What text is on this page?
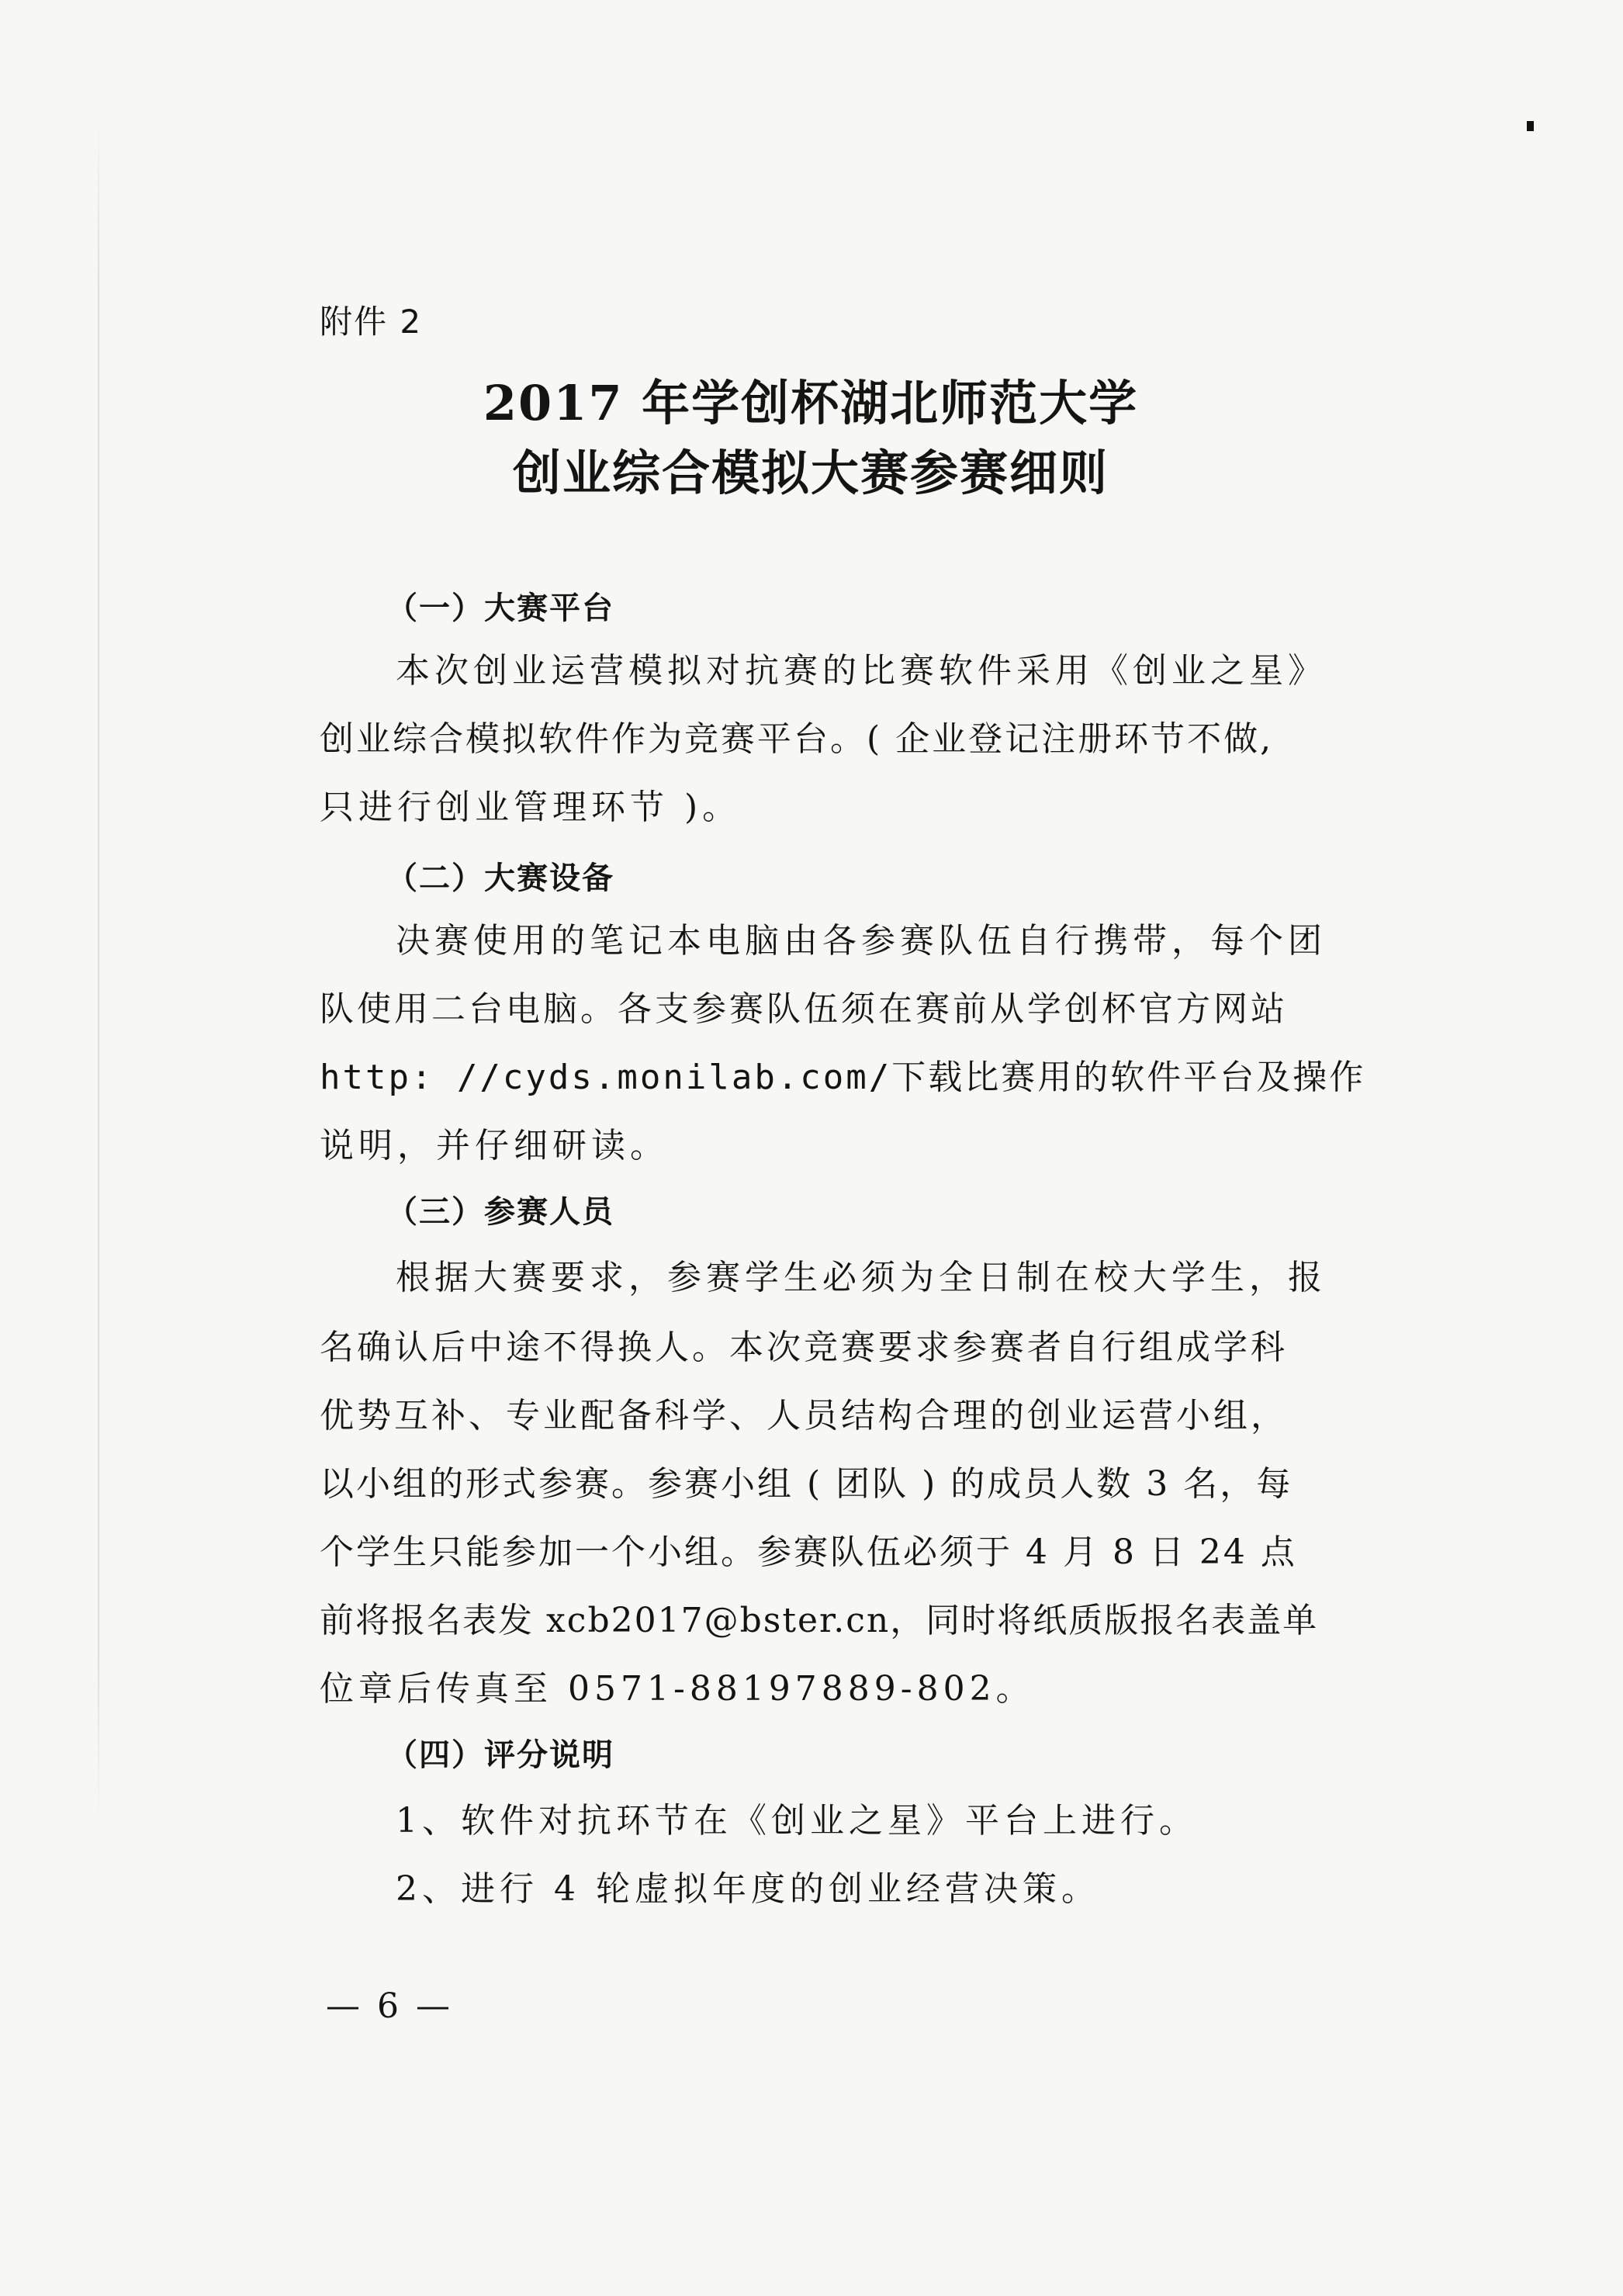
附件 2
2017 年学创杯湖北师范大学
创业综合模拟大赛参赛细则
（一）大赛平台
本次创业运营模拟对抗赛的比赛软件采用《创业之星》
创业综合模拟软件作为竞赛平台。( 企业登记注册环节不做,
只进行创业管理环节 )。
（二）大赛设备
决赛使用的笔记本电脑由各参赛队伍自行携带，每个团
队使用二台电脑。各支参赛队伍须在赛前从学创杯官方网站
http: //cyds.monilab.com/下载比赛用的软件平台及操作
说明，并仔细研读。
（三）参赛人员
根据大赛要求，参赛学生必须为全日制在校大学生，报
名确认后中途不得换人。本次竞赛要求参赛者自行组成学科
优势互补、专业配备科学、人员结构合理的创业运营小组，
以小组的形式参赛。参赛小组 ( 团队 ) 的成员人数 3 名，每
个学生只能参加一个小组。参赛队伍必须于 4 月 8 日 24 点
前将报名表发 xcb2017@bster.cn，同时将纸质版报名表盖单
位章后传真至 0571-88197889-802。
（四）评分说明
1、软件对抗环节在《创业之星》平台上进行。
2、进行 4 轮虚拟年度的创业经营决策。
— 6 —
